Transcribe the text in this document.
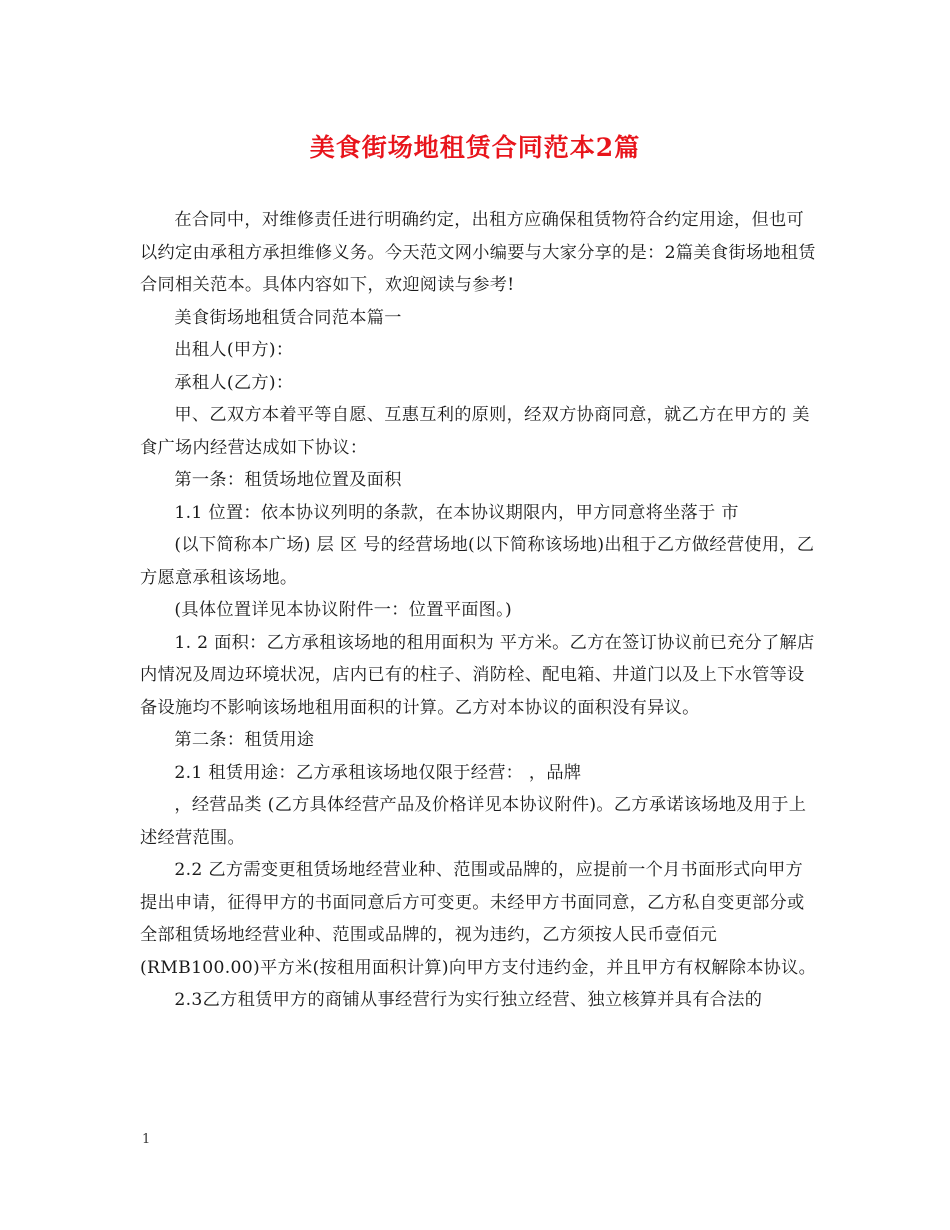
美食街场地租赁合同范本2篇

在合同中，对维修责任进行明确约定，出租方应确保租赁物符合约定用途，但也可以约定由承租方承担维修义务。今天范文网小编要与大家分享的是：2篇美食街场地租赁合同相关范本。具体内容如下，欢迎阅读与参考!

美食街场地租赁合同范本篇一

出租人(甲方)：

承租人(乙方)：

甲、乙双方本着平等自愿、互惠互利的原则，经双方协商同意，就乙方在甲方的 美食广场内经营达成如下协议：

第一条：租赁场地位置及面积

1.1 位置：依本协议列明的条款，在本协议期限内，甲方同意将坐落于 市

(以下简称本广场) 层 区 号的经营场地(以下简称该场地)出租于乙方做经营使用，乙方愿意承租该场地。

(具体位置详见本协议附件一：位置平面图。)

1. 2 面积：乙方承租该场地的租用面积为 平方米。乙方在签订协议前已充分了解店内情况及周边环境状况，店内已有的柱子、消防栓、配电箱、井道门以及上下水管等设备设施均不影响该场地租用面积的计算。乙方对本协议的面积没有异议。

第二条：租赁用途

2.1 租赁用途：乙方承租该场地仅限于经营： ，品牌

，经营品类 (乙方具体经营产品及价格详见本协议附件)。乙方承诺该场地及用于上述经营范围。

2.2 乙方需变更租赁场地经营业种、范围或品牌的，应提前一个月书面形式向甲方提出申请，征得甲方的书面同意后方可变更。未经甲方书面同意，乙方私自变更部分或全部租赁场地经营业种、范围或品牌的，视为违约，乙方须按人民币壹佰元(RMB100.00)平方米(按租用面积计算)向甲方支付违约金，并且甲方有权解除本协议。

2.3乙方租赁甲方的商铺从事经营行为实行独立经营、独立核算并具有合法的

1
